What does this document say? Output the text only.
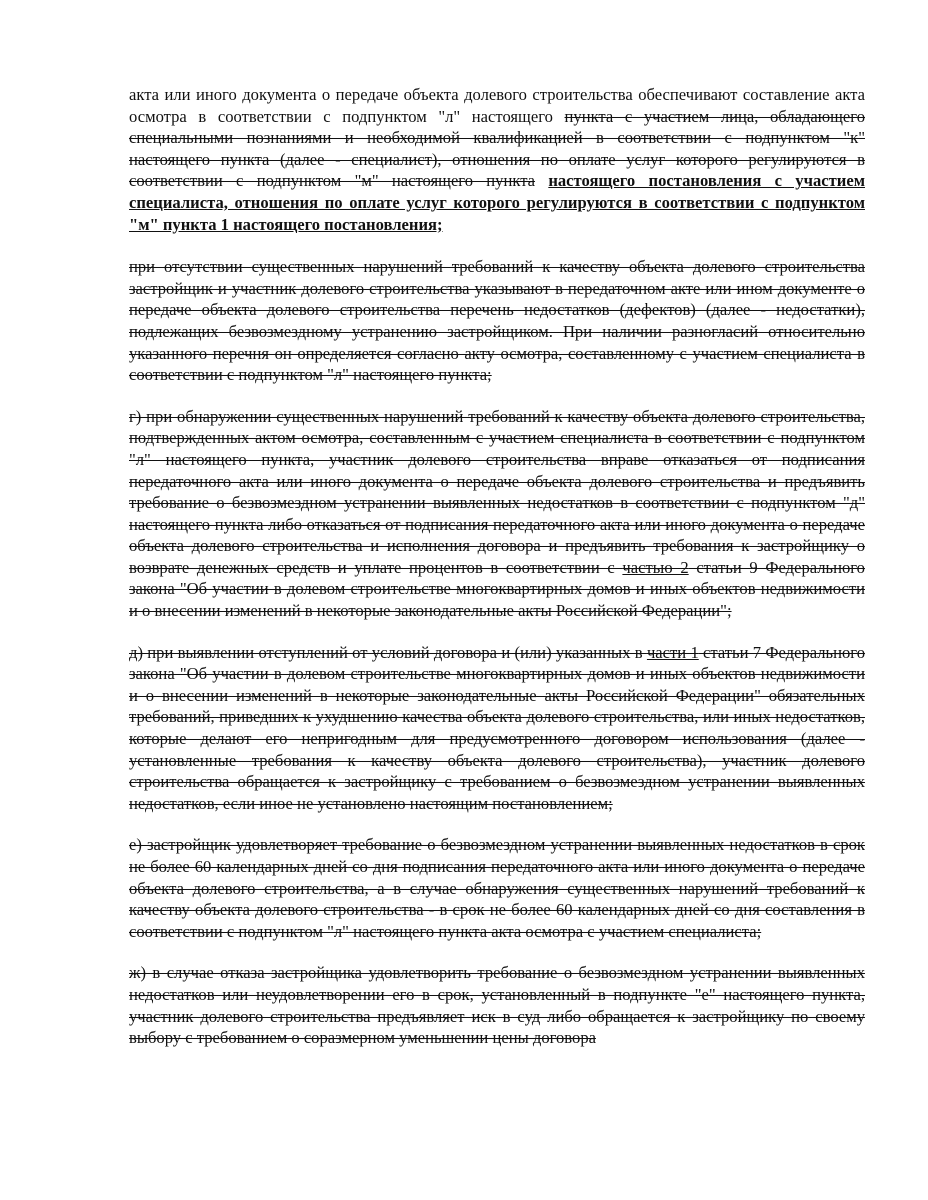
акта или иного документа о передаче объекта долевого строительства обеспечивают составление акта осмотра в соответствии с подпунктом "л" настоящего пункта с участием лица, обладающего специальными познаниями и необходимой квалификацией в соответствии с подпунктом "к" настоящего пункта (далее - специалист), отношения по оплате услуг которого регулируются в соответствии с подпунктом "м" настоящего пункта настоящего постановления с участием специалиста, отношения по оплате услуг которого регулируются в соответствии с подпунктом "м" пункта 1 настоящего постановления;

при отсутствии существенных нарушений требований к качеству объекта долевого строительства застройщик и участник долевого строительства указывают в передаточном акте или ином документе о передаче объекта долевого строительства перечень недостатков (дефектов) (далее - недостатки), подлежащих безвозмездному устранению застройщиком. При наличии разногласий относительно указанного перечня он определяется согласно акту осмотра, составленному с участием специалиста в соответствии с подпунктом "л" настоящего пункта;

г) при обнаружении существенных нарушений требований к качеству объекта долевого строительства, подтвержденных актом осмотра, составленным с участием специалиста в соответствии с подпунктом "л" настоящего пункта, участник долевого строительства вправе отказаться от подписания передаточного акта или иного документа о передаче объекта долевого строительства и предъявить требование о безвозмездном устранении выявленных недостатков в соответствии с подпунктом "д" настоящего пункта либо отказаться от подписания передаточного акта или иного документа о передаче объекта долевого строительства и исполнения договора и предъявить требования к застройщику о возврате денежных средств и уплате процентов в соответствии с частью 2 статьи 9 Федерального закона "Об участии в долевом строительстве многоквартирных домов и иных объектов недвижимости и о внесении изменений в некоторые законодательные акты Российской Федерации";

д) при выявлении отступлений от условий договора и (или) указанных в части 1 статьи 7 Федерального закона "Об участии в долевом строительстве многоквартирных домов и иных объектов недвижимости и о внесении изменений в некоторые законодательные акты Российской Федерации" обязательных требований, приведших к ухудшению качества объекта долевого строительства, или иных недостатков, которые делают его непригодным для предусмотренного договором использования (далее - установленные требования к качеству объекта долевого строительства), участник долевого строительства обращается к застройщику с требованием о безвозмездном устранении выявленных недостатков, если иное не установлено настоящим постановлением;

е) застройщик удовлетворяет требование о безвозмездном устранении выявленных недостатков в срок не более 60 календарных дней со дня подписания передаточного акта или иного документа о передаче объекта долевого строительства, а в случае обнаружения существенных нарушений требований к качеству объекта долевого строительства - в срок не более 60 календарных дней со дня составления в соответствии с подпунктом "л" настоящего пункта акта осмотра с участием специалиста;

ж) в случае отказа застройщика удовлетворить требование о безвозмездном устранении выявленных недостатков или неудовлетворении его в срок, установленный в подпункте "е" настоящего пункта, участник долевого строительства предъявляет иск в суд либо обращается к застройщику по своему выбору с требованием о соразмерном уменьшении цены договора
